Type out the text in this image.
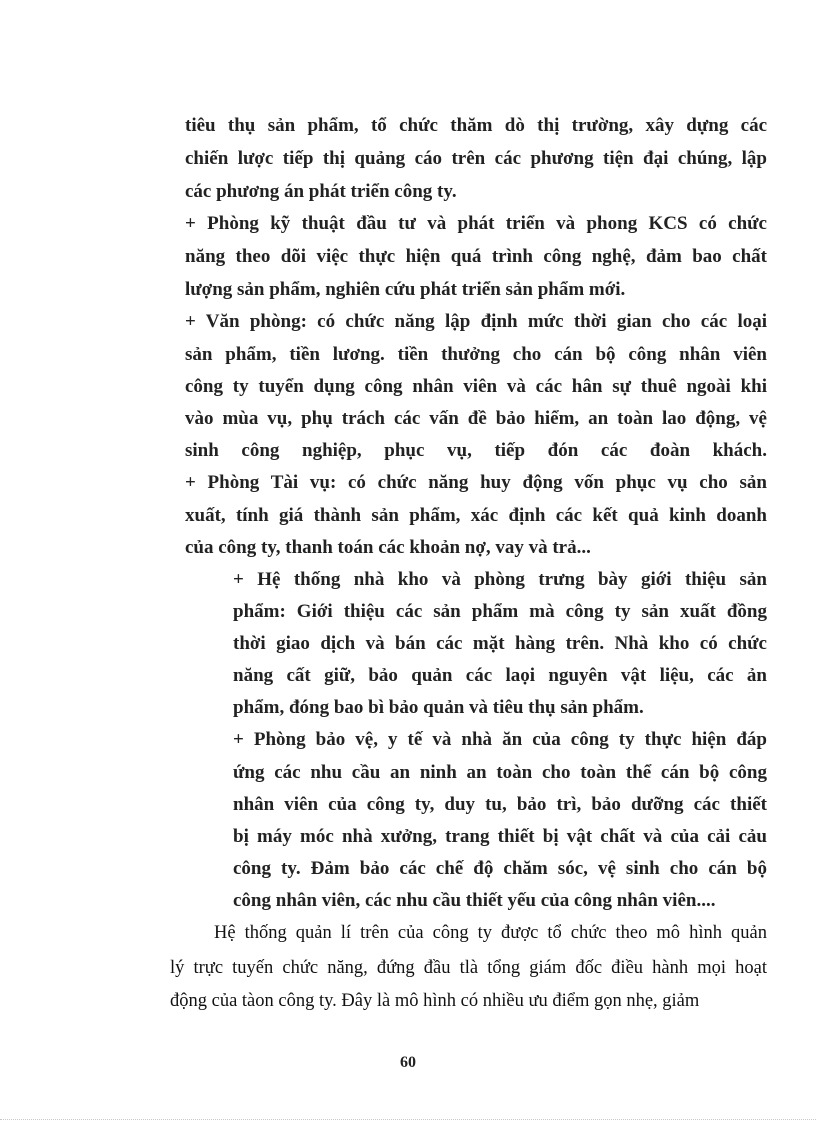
tiêu thụ sản phẩm, tổ chức thăm dò thị trường, xây dựng các
chiến lược tiếp thị quảng cáo trên các phương tiện đại chúng, lập
các phương án phát triển công ty.
+ Phòng kỹ thuật đầu tư và phát triển và phong KCS có chức
năng theo dõi việc thực hiện quá trình công nghệ, đảm bao chất
lượng sản phẩm, nghiên cứu phát triển sản phẩm mới.
+ Văn phòng: có chức năng lập định mức thời gian cho các loại
sản phẩm, tiền lương. tiền thưởng cho cán bộ công nhân viên
công ty tuyển dụng công nhân viên và các hân sự thuê ngoài khi
vào mùa vụ, phụ trách các vấn đề bảo hiểm, an toàn lao động, vệ
sinh công nghiệp, phục vụ, tiếp đón các đoàn khách.
+ Phòng Tài vụ: có chức năng huy động vốn phục vụ cho sản
xuất, tính giá thành sản phẩm, xác định các kết quả kinh doanh
của công ty, thanh toán các khoản nợ, vay và trả...
+ Hệ thống nhà kho và phòng trưng bày giới thiệu sản
phẩm: Giới thiệu các sản phẩm mà công ty sản xuất đồng
thời giao dịch và bán các mặt hàng trên. Nhà kho có chức
năng cất giữ, bảo quản các laọi nguyên vật liệu, các ản
phẩm, đóng bao bì bảo quản và tiêu thụ sản phẩm.
+ Phòng bảo vệ, y tế và nhà ăn của công ty thực hiện đáp
ứng các nhu cầu an ninh an toàn cho toàn thể cán bộ công
nhân viên của công ty, duy tu, bảo trì, bảo dưỡng các thiết
bị máy móc nhà xưởng, trang thiết bị vật chất và của cải cảu
công ty. Đảm bảo các chế độ chăm sóc, vệ sinh cho cán bộ
công nhân viên, các nhu cầu thiết yếu của công nhân viên....
Hệ thống quản lí trên của công ty được tổ chức theo mô hình quản
lý trực tuyến chức năng, đứng đầu tlà tổng giám đốc điều hành mọi hoạt
động của tàon công ty. Đây là mô hình có nhiều ưu điểm gọn nhẹ, giảm
60
